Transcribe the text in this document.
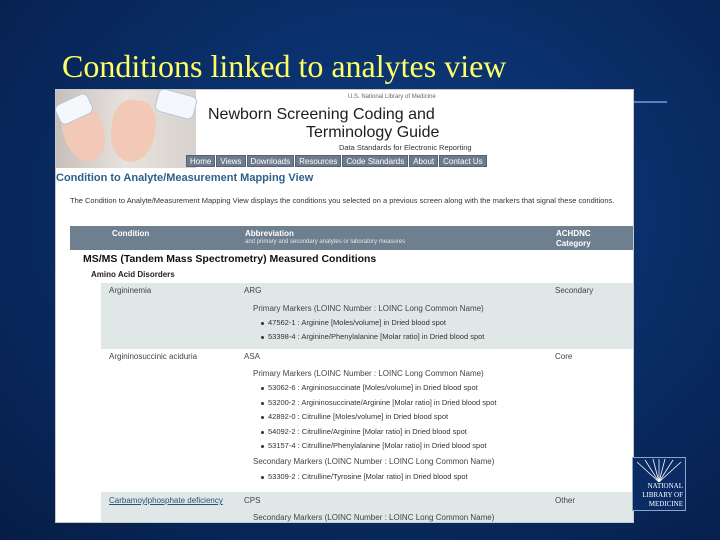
Conditions linked to analytes view
U.S. National Library of Medicine
Newborn Screening Coding and
Terminology Guide
Data Standards for Electronic Reporting
Home	Views	Downloads	Resources	Code Standards	About	Contact Us
Condition to Analyte/Measurement Mapping View
The Condition to Analyte/Measurement Mapping View displays the conditions you selected on a previous screen along with the markers that signal these conditions.
Condition	Abbreviation
and primary and secondary analytes or laboratory measures
ACHDNC
Category
MS/MS (Tandem Mass Spectrometry) Measured Conditions
Amino Acid Disorders
Argininemia	ARG	Secondary
Primary Markers (LOINC Number : LOINC Long Common Name)
47562-1 : Arginine [Moles/volume] in Dried blood spot
53398-4 : Arginine/Phenylalanine [Molar ratio] in Dried blood spot
Argininosuccinic aciduria	ASA	Core
Primary Markers (LOINC Number : LOINC Long Common Name)
53062-6 : Argininosuccinate [Moles/volume] in Dried blood spot
53200-2 : Argininosuccinate/Arginine [Molar ratio] in Dried blood spot
42892-0 : Citrulline [Moles/volume] in Dried blood spot
54092-2 : Citrulline/Arginine [Molar ratio] in Dried blood spot
53157-4 : Citrulline/Phenylalanine [Molar ratio] in Dried blood spot
Secondary Markers (LOINC Number : LOINC Long Common Name)
53309-2 : Citrulline/Tyrosine [Molar ratio] in Dried blood spot
Carbamoylphosphate deficiency	CPS	Other
Secondary Markers (LOINC Number : LOINC Long Common Name)
NATIONAL
LIBRARY OF
MEDICINE
